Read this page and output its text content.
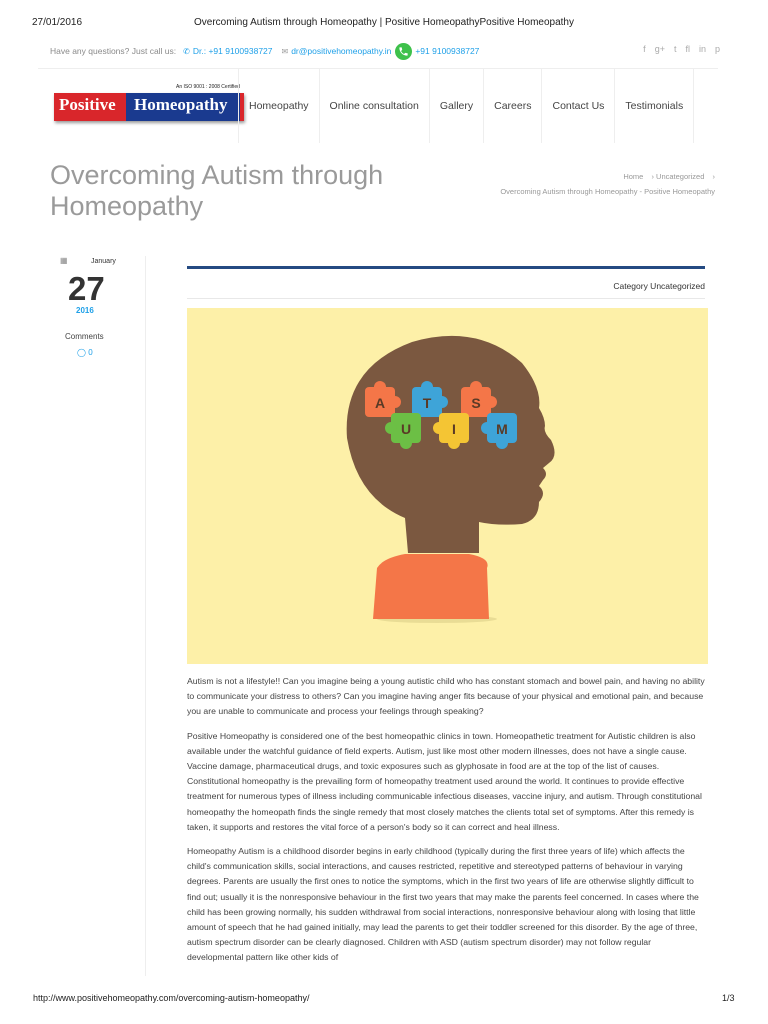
27/01/2016	Overcoming Autism through Homeopathy | Positive HomeopathyPositive Homeopathy
Have any questions? Just call us: ✆ Dr.: +91 9100938727 ✉ dr@positivehomeopathy.in	+91 9100938727	f g+ t fl in p
An ISO 9001 : 2008 Certified
Positive Homeopathy	Homeopathy	Online consultation	Gallery	Careers	Contact Us	Testimonials
Overcoming Autism through Homeopathy
Home › Uncategorized ›
Overcoming Autism through Homeopathy - Positive Homeopathy
▦	January
27
2016
Comments
◯ 0
Category Uncategorized
A	T	S
U	I	M

Autism is not a lifestyle!! Can you imagine being a young autistic child who has constant stomach and bowel pain, and having no ability to communicate your distress to others? Can you imagine having anger fits because of your physical and emotional pain, and because you are unable to communicate and process your feelings through speaking?

Positive Homeopathy is considered one of the best homeopathic clinics in town. Homeopathetic treatment for Autistic children is also available under the watchful guidance of field experts. Autism, just like most other modern illnesses, does not have a single cause. Vaccine damage, pharmaceutical drugs, and toxic exposures such as glyphosate in food are at the top of the list of causes. Constitutional homeopathy is the prevailing form of homeopathy treatment used around the world. It continues to provide effective treatment for numerous types of illness including communicable infectious diseases, vaccine injury, and autism. Through constitutional homeopathy the homeopath finds the single remedy that most closely matches the clients total set of symptoms. After this remedy is taken, it supports and restores the vital force of a person's body so it can correct and heal illness.

Homeopathy Autism is a childhood disorder begins in early childhood (typically during the first three years of life) which affects the child's communication skills, social interactions, and causes restricted, repetitive and stereotyped patterns of behaviour in varying degrees. Parents are usually the first ones to notice the symptoms, which in the first two years of life are otherwise slightly difficult to find out; usually it is the nonresponsive behaviour in the first two years that may make the parents feel concerned. In cases where the child has been growing normally, his sudden withdrawal from social interactions, nonresponsive behaviour along with losing that little amount of speech that he had gained initially, may lead the parents to get their toddler screened for this disorder. By the age of three, autism spectrum disorder can be clearly diagnosed. Children with ASD (autism spectrum disorder) may not follow regular developmental pattern like other kids of

http://www.positivehomeopathy.com/overcoming-autism-homeopathy/	1/3
